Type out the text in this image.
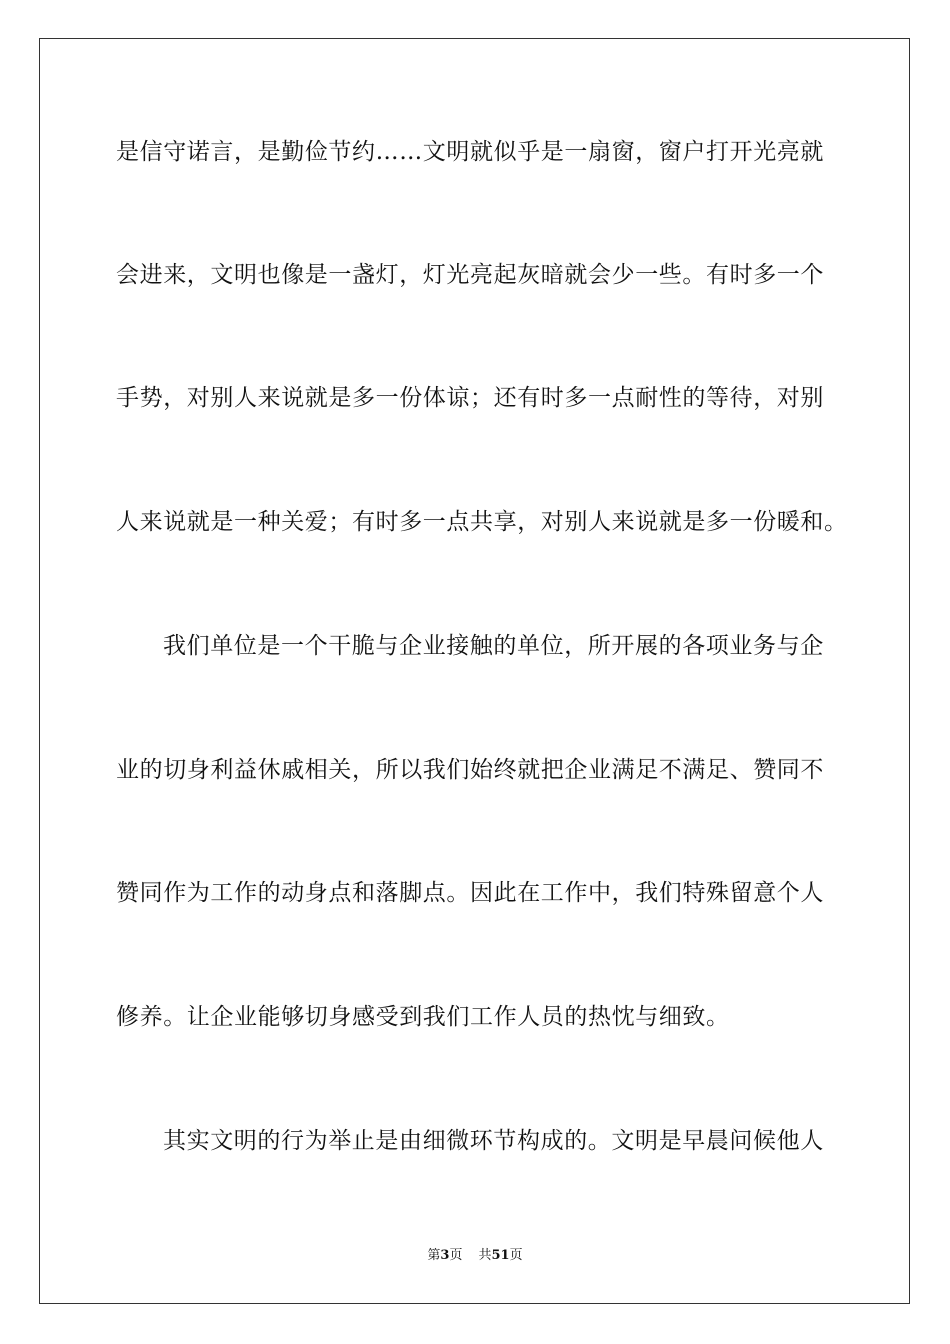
是信守诺言，是勤俭节约……文明就似乎是一扇窗，窗户打开光亮就
会进来，文明也像是一盏灯，灯光亮起灰暗就会少一些。有时多一个
手势，对别人来说就是多一份体谅；还有时多一点耐性的等待，对别
人来说就是一种关爱；有时多一点共享，对别人来说就是多一份暖和。
我们单位是一个干脆与企业接触的单位，所开展的各项业务与企
业的切身利益休戚相关，所以我们始终就把企业满足不满足、赞同不
赞同作为工作的动身点和落脚点。因此在工作中，我们特殊留意个人
修养。让企业能够切身感受到我们工作人员的热忱与细致。
其实文明的行为举止是由细微环节构成的。文明是早晨问候他人
第3页 共51页
